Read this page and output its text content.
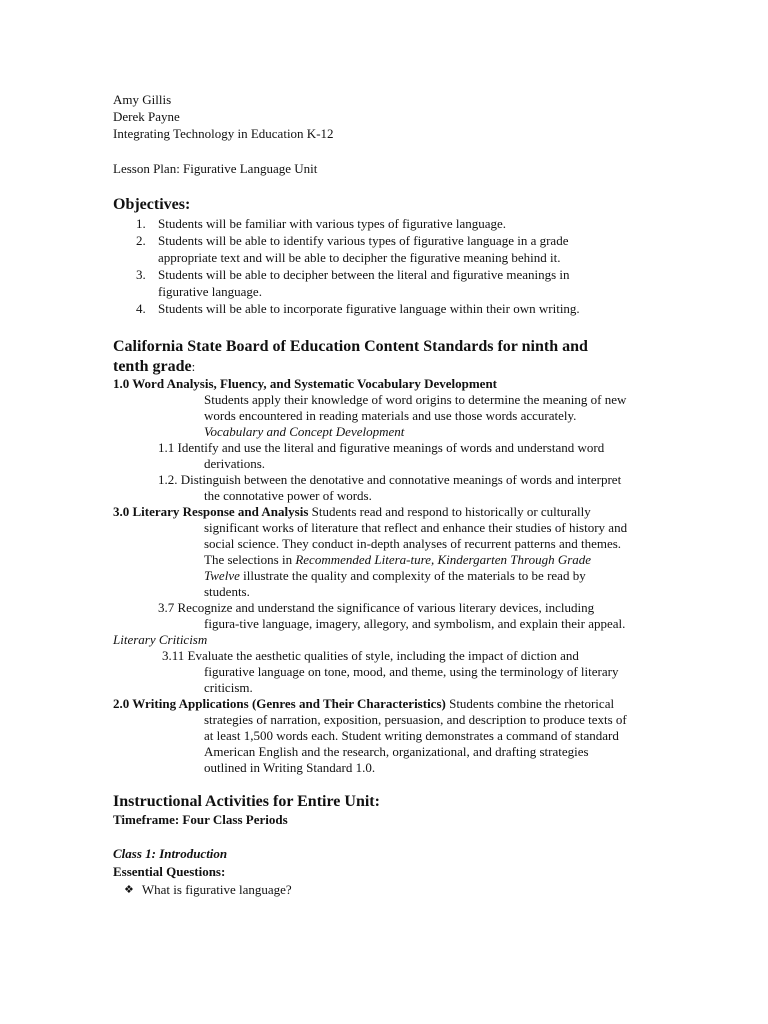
Amy Gillis
Derek Payne
Integrating Technology in Education K-12
Lesson Plan: Figurative Language Unit
Objectives:
1. Students will be familiar with various types of figurative language.
2. Students will be able to identify various types of figurative language in a grade
appropriate text and will be able to decipher the figurative meaning behind it.
3. Students will be able to decipher between the literal and figurative meanings in
figurative language.
4. Students will be able to incorporate figurative language within their own writing.
California State Board of Education Content Standards for ninth and
tenth grade:
1.0 Word Analysis, Fluency, and Systematic Vocabulary Development
Students apply their knowledge of word origins to determine the meaning of new
words encountered in reading materials and use those words accurately.
Vocabulary and Concept Development
1.1 Identify and use the literal and figurative meanings of words and understand word
derivations.
1.2. Distinguish between the denotative and connotative meanings of words and interpret
the connotative power of words.
3.0 Literary Response and Analysis Students read and respond to historically or culturally
significant works of literature that reflect and enhance their studies of history and
social science. They conduct in-depth analyses of recurrent patterns and themes.
The selections in Recommended Litera-ture, Kindergarten Through Grade
Twelve illustrate the quality and complexity of the materials to be read by
students.
3.7 Recognize and understand the significance of various literary devices, including
figura-tive language, imagery, allegory, and symbolism, and explain their appeal.
Literary Criticism
3.11 Evaluate the aesthetic qualities of style, including the impact of diction and
figurative language on tone, mood, and theme, using the terminology of literary
criticism.
2.0 Writing Applications (Genres and Their Characteristics) Students combine the rhetorical
strategies of narration, exposition, persuasion, and description to produce texts of
at least 1,500 words each. Student writing demonstrates a command of standard
American English and the research, organizational, and drafting strategies
outlined in Writing Standard 1.0.
Instructional Activities for Entire Unit:
Timeframe: Four Class Periods
Class 1: Introduction
Essential Questions:
❖ What is figurative language?
